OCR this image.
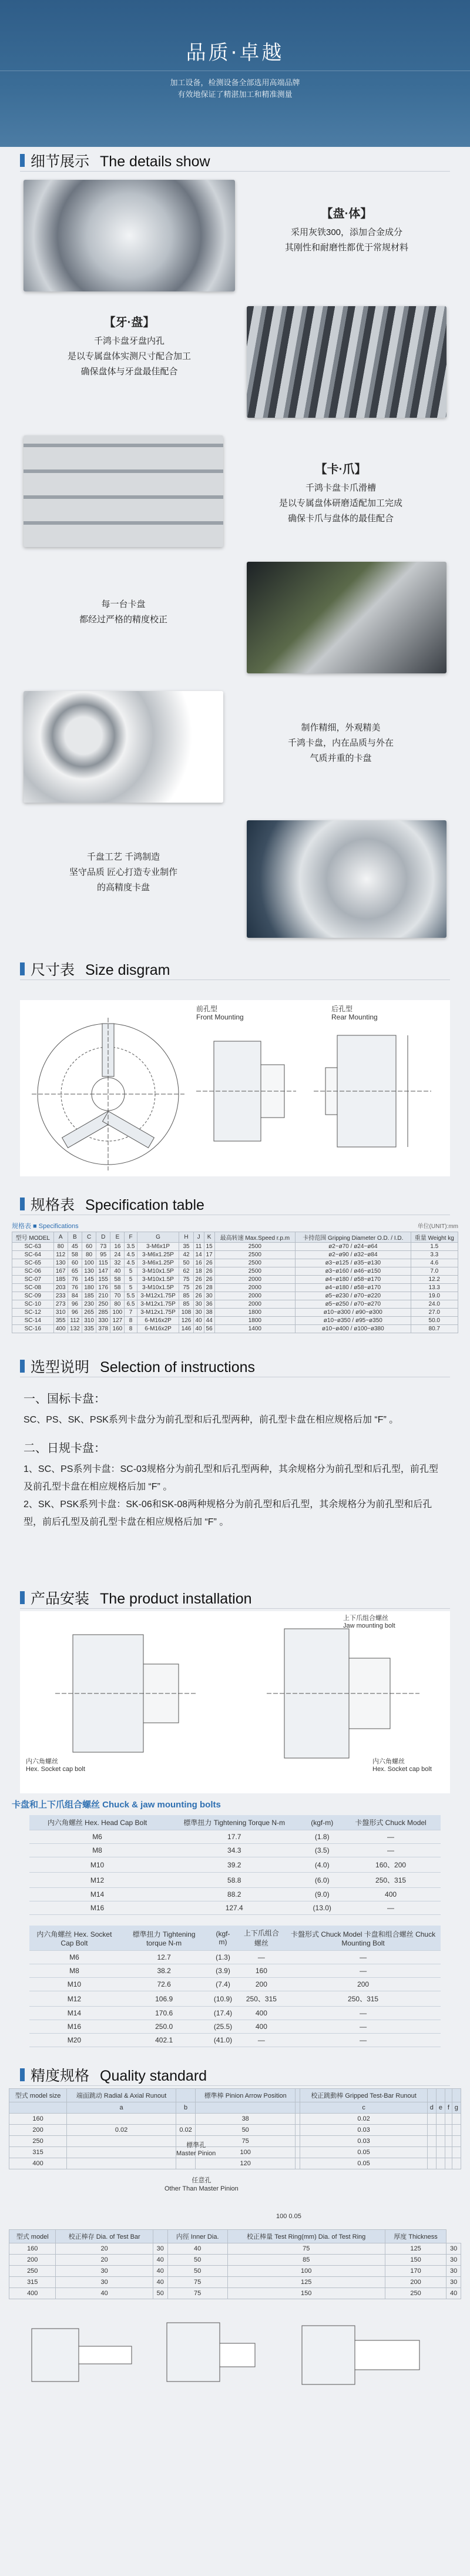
品质·卓越
加工设备，检测设备全部选用高端品牌
有效地保证了精湛加工和精准测量
细节展示 The details show
【盘·体】
采用灰铁300，添加合金成分
其刚性和耐磨性都优于常规材料
【牙·盘】
千鸿卡盘牙盘内孔
是以专属盘体实测尺寸配合加工
确保盘体与牙盘最佳配合
【卡·爪】
千鸿卡盘卡爪滑槽
是以专属盘体研磨适配加工完成
确保卡爪与盘体的最佳配合
每一台卡盘
都经过严格的精度校正
制作精细，外观精美
千鸿卡盘，内在品质与外在
气质并重的卡盘
千盘工艺 千鸿制造
坚守品质 匠心打造专业制作
的高精度卡盘
尺寸表 Size disgram
前孔型
Front Mounting
后孔型
Rear Mounting
规格表 Specification table
规格表 ■ Specifications	单位(UNIT):mm
型号 MODEL	A	B	C	D	E	F	G	H	J	K	最高转速 Max.Speed r.p.m	卡持范围 Gripping Diameter O.D. / I.D.	重量 Weight kg
SC-63	80	45	60	73	16	3.5	3-M6x1P	35	11	15	2500	ø2~ø70 / ø24~ø64	1.5
SC-64	112	58	80	95	24	4.5	3-M6x1.25P	42	14	17	2500	ø2~ø90 / ø32~ø84	3.3
SC-65	130	60	100	115	32	4.5	3-M6x1.25P	50	16	26	2500	ø3~ø125 / ø35~ø130	4.6
SC-06	167	65	130	147	40	5	3-M10x1.5P	62	18	26	2500	ø3~ø160 / ø46~ø150	7.0
SC-07	185	76	145	155	58	5	3-M10x1.5P	75	26	26	2000	ø4~ø180 / ø58~ø170	12.2
SC-08	203	76	180	176	58	5	3-M10x1.5P	75	26	28	2000	ø4~ø180 / ø58~ø170	13.3
SC-09	233	84	185	210	70	5.5	3-M12x1.75P	85	26	30	2000	ø5~ø230 / ø70~ø220	19.0
SC-10	273	96	230	250	80	6.5	3-M12x1.75P	85	30	36	2000	ø5~ø250 / ø70~ø270	24.0
SC-12	310	96	265	285	100	7	3-M12x1.75P	108	30	38	1800	ø10~ø300 / ø90~ø300	27.0
SC-14	355	112	310	330	127	8	6-M16x2P	126	40	44	1800	ø10~ø350 / ø95~ø350	50.0
SC-16	400	132	335	378	160	8	6-M16x2P	146	40	56	1400	ø10~ø400 / ø100~ø380	80.7
选型说明 Selection of instructions
一、国标卡盘：
SC、PS、SK、PSK系列卡盘分为前孔型和后孔型两种，前孔型卡盘在相应规格后加 “F” 。
二、日规卡盘：
1、SC、PS系列卡盘：SC-03规格分为前孔型和后孔型两种，其余规格分为前孔型和后孔型，前孔型及前孔型卡盘在相应规格后加 “F” 。
2、SK、PSK系列卡盘：SK-06和SK-08两种规格分为前孔型和后孔型，其余规格分为前孔型和后孔型，前后孔型及前孔型卡盘在相应规格后加 “F” 。
产品安装 The product installation
上下爪组合螺丝
Jaw mounting bolt
内六角螺丝
Hex. Socket cap bolt
内六角螺丝
Hex. Socket cap bolt
卡盘和上下爪组合螺丝 Chuck & jaw mounting bolts
内六角螺丝 Hex. Head Cap Bolt	標準扭力 Tightening Torque N-m	(kgf-m)	卡盤形式 Chuck Model
M6	17.7	(1.8)	—
M8	34.3	(3.5)	—
M10	39.2	(4.0)	160、200
M12	58.8	(6.0)	250、315
M14	88.2	(9.0)	400
M16	127.4	(13.0)	—
内六角螺丝 Hex. Socket Cap Bolt	標準扭力 Tightening torque N-m	(kgf-m)	上下爪组合螺丝	卡盤形式 Chuck Model 卡盘和组合螺丝 Chuck Mounting Bolt
M6	12.7	(1.3)	—	—
M8	38.2	(3.9)	160	—
M10	72.6	(7.4)	200	200
M12	106.9	(10.9)	250、315	250、315
M14	170.6	(17.4)	400	—
M16	250.0	(25.5)	400	—
M20	402.1	(41.0)	—	—
精度规格 Quality standard
型式 model size	端面跳动 Radial & Axial Runout		標準棒 Pinion Arrow Position		校正跳動棒 Gripped Test-Bar Runout				
	a	b			c	d	e	f	g
160			38		0.02				
200	0.02	0.02	50		0.03				
250			75		0.03				
315			100		0.05				
400			120		0.05				
標準孔
Master Pinion
任意孔
Other Than Master Pinion
100 0.05
型式 model	校正棒存 Dia. of Test Bar		内徑 Inner Dia.	校正棒量 Test Ring(mm) Dia. of Test Ring	厚度 Thickness	
160	20	30	40	75	125	30
200	20	40	50	85	150	30
250	30	40	50	100	170	30
315	30	40	75	125	200	30
400	40	50	75	150	250	40
